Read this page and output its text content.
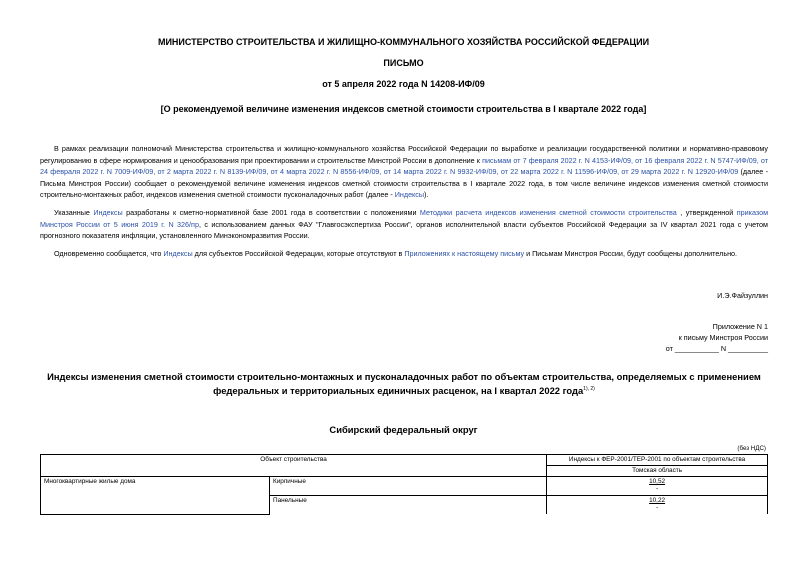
МИНИСТЕРСТВО СТРОИТЕЛЬСТВА И ЖИЛИЩНО-КОММУНАЛЬНОГО ХОЗЯЙСТВА РОССИЙСКОЙ ФЕДЕРАЦИИ
ПИСЬМО
от 5 апреля 2022 года N 14208-ИФ/09
[О рекомендуемой величине изменения индексов сметной стоимости строительства в I квартале 2022 года]
В рамках реализации полномочий Министерства строительства и жилищно-коммунального хозяйства Российской Федерации по выработке и реализации государственной политики и нормативно-правовому регулированию в сфере нормирования и ценообразования при проектировании и строительстве Минстрой России в дополнение к письмам от 7 февраля 2022 г. N 4153-ИФ/09, от 16 февраля 2022 г. N 5747-ИФ/09, от 24 февраля 2022 г. N 7009-ИФ/09, от 2 марта 2022 г. N 8139-ИФ/09, от 4 марта 2022 г. N 8556-ИФ/09, от 14 марта 2022 г. N 9932-ИФ/09, от 22 марта 2022 г. N 11596-ИФ/09, от 29 марта 2022 г. N 12920-ИФ/09 (далее - Письма Минстроя России) сообщает о рекомендуемой величине изменения индексов сметной стоимости строительства в I квартале 2022 года, в том числе величине индексов изменения сметной стоимости строительно-монтажных работ, индексов изменения сметной стоимости пусконаладочных работ (далее - Индексы).
Указанные Индексы разработаны к сметно-нормативной базе 2001 года в соответствии с положениями Методики расчета индексов изменения сметной стоимости строительства , утвержденной приказом Минстроя России от 5 июня 2019 г. N 326/пр, с использованием данных ФАУ "Главгосэкспертиза России", органов исполнительной власти субъектов Российской Федерации за IV квартал 2021 года с учетом прогнозного показателя инфляции, установленного Минэкономразвития России.
Одновременно сообщается, что Индексы для субъектов Российской Федерации, которые отсутствуют в Приложениях к настоящему письму и Письмам Минстроя России, будут сообщены дополнительно.
И.Э.Файзуллин
Приложение N 1
к письму Минстроя России
от ___________ N __________
Индексы изменения сметной стоимости строительно-монтажных и пусконаладочных работ по объектам строительства, определяемых с применением федеральных и территориальных единичных расценок, на I квартал 2022 года$^{1), 2)}$
Сибирский федеральный округ
(без НДС)
Объект строительства		Индексы к ФЕР-2001/ТЕР-2001 по объектам строительства
		Томская область
Многоквартирные жилые дома	Кирпичные	10,52
-

	Панельные	10,22
-
